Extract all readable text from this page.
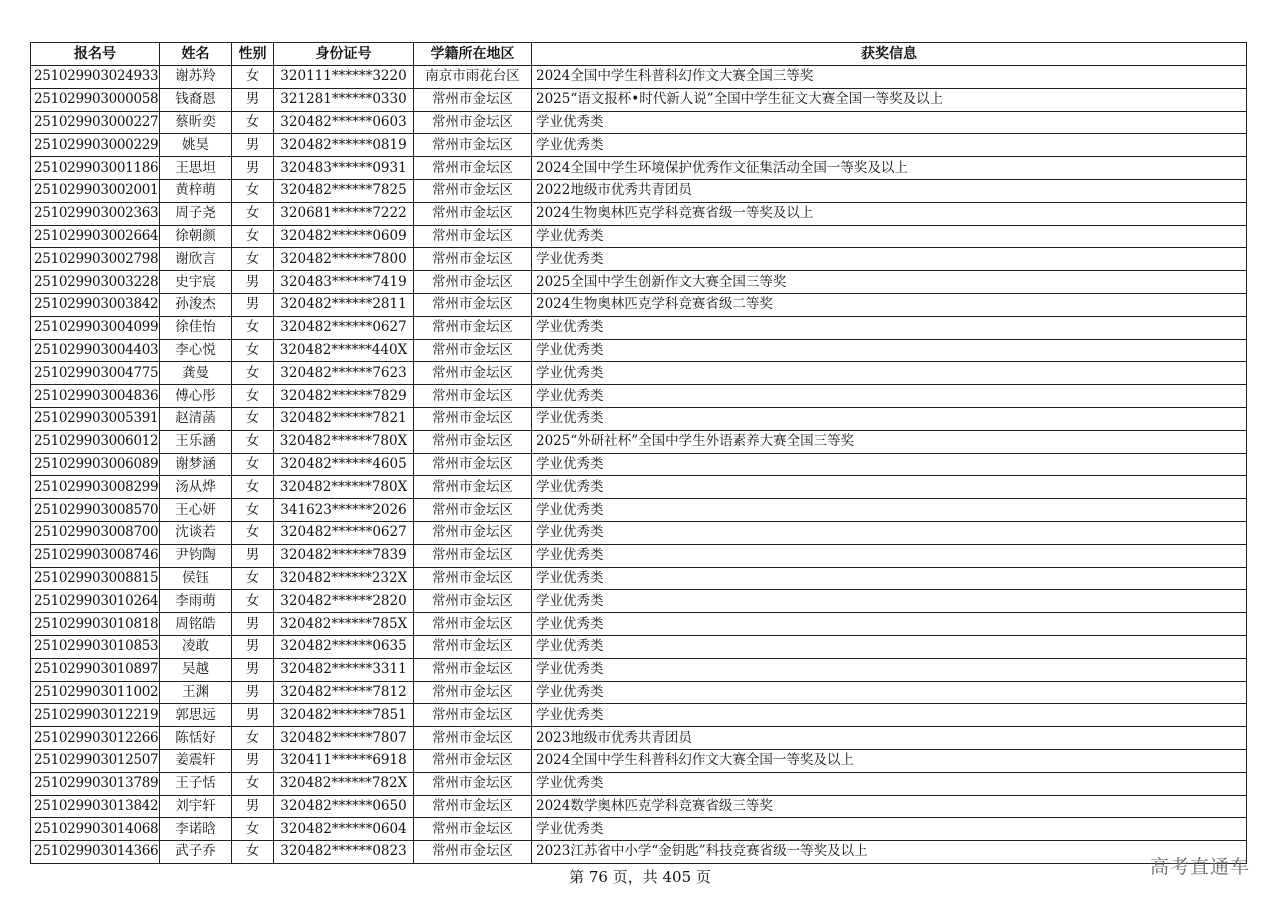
报名号	姓名	性别	身份证号	学籍所在地区	获奖信息
251029903024933	谢苏羚	女	320111******3220	南京市雨花台区	2024全国中学生科普科幻作文大赛全国三等奖
251029903000058	钱裔恩	男	321281******0330	常州市金坛区	2025“语文报杯•时代新人说”全国中学生征文大赛全国一等奖及以上
251029903000227	蔡昕奕	女	320482******0603	常州市金坛区	学业优秀类
251029903000229	姚昊	男	320482******0819	常州市金坛区	学业优秀类
251029903001186	王思坦	男	320483******0931	常州市金坛区	2024全国中学生环境保护优秀作文征集活动全国一等奖及以上
251029903002001	黄梓萌	女	320482******7825	常州市金坛区	2022地级市优秀共青团员
251029903002363	周子尧	女	320681******7222	常州市金坛区	2024生物奥林匹克学科竞赛省级一等奖及以上
251029903002664	徐朝颜	女	320482******0609	常州市金坛区	学业优秀类
251029903002798	谢欣言	女	320482******7800	常州市金坛区	学业优秀类
251029903003228	史宇宸	男	320483******7419	常州市金坛区	2025全国中学生创新作文大赛全国三等奖
251029903003842	孙浚杰	男	320482******2811	常州市金坛区	2024生物奥林匹克学科竞赛省级二等奖
251029903004099	徐佳怡	女	320482******0627	常州市金坛区	学业优秀类
251029903004403	李心悦	女	320482******440X	常州市金坛区	学业优秀类
251029903004775	龚曼	女	320482******7623	常州市金坛区	学业优秀类
251029903004836	傅心彤	女	320482******7829	常州市金坛区	学业优秀类
251029903005391	赵清菡	女	320482******7821	常州市金坛区	学业优秀类
251029903006012	王乐涵	女	320482******780X	常州市金坛区	2025“外研社杯”全国中学生外语素养大赛全国三等奖
251029903006089	谢梦涵	女	320482******4605	常州市金坛区	学业优秀类
251029903008299	汤从烨	女	320482******780X	常州市金坛区	学业优秀类
251029903008570	王心妍	女	341623******2026	常州市金坛区	学业优秀类
251029903008700	沈谈若	女	320482******0627	常州市金坛区	学业优秀类
251029903008746	尹钧陶	男	320482******7839	常州市金坛区	学业优秀类
251029903008815	侯钰	女	320482******232X	常州市金坛区	学业优秀类
251029903010264	李雨萌	女	320482******2820	常州市金坛区	学业优秀类
251029903010818	周铭皓	男	320482******785X	常州市金坛区	学业优秀类
251029903010853	凌敢	男	320482******0635	常州市金坛区	学业优秀类
251029903010897	吴越	男	320482******3311	常州市金坛区	学业优秀类
251029903011002	王渊	男	320482******7812	常州市金坛区	学业优秀类
251029903012219	郭思远	男	320482******7851	常州市金坛区	学业优秀类
251029903012266	陈恬好	女	320482******7807	常州市金坛区	2023地级市优秀共青团员
251029903012507	姜震轩	男	320411******6918	常州市金坛区	2024全国中学生科普科幻作文大赛全国一等奖及以上
251029903013789	王子恬	女	320482******782X	常州市金坛区	学业优秀类
251029903013842	刘宇轩	男	320482******0650	常州市金坛区	2024数学奥林匹克学科竞赛省级三等奖
251029903014068	李诺晗	女	320482******0604	常州市金坛区	学业优秀类
251029903014366	武子乔	女	320482******0823	常州市金坛区	2023江苏省中小学“金钥匙”科技竞赛省级一等奖及以上
第 76 页，共 405 页	高考直通车
